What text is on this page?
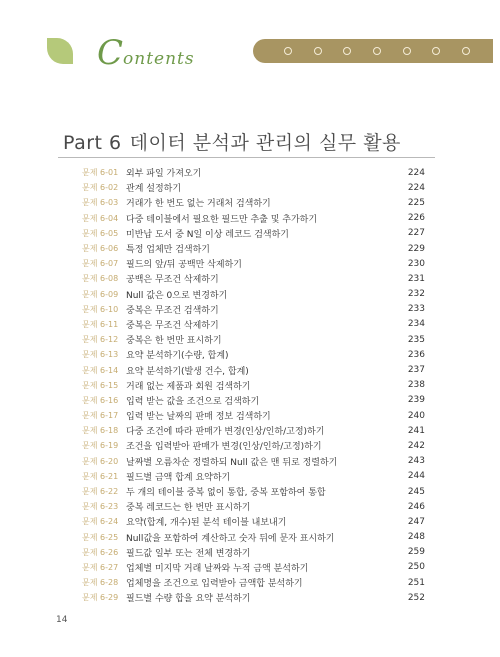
Contents
Part 6 데이터 분석과 관리의 실무 활용
문제 6-01 외부 파일 가져오기	224
문제 6-02 관계 설정하기	224
문제 6-03 거래가 한 번도 없는 거래처 검색하기	225
문제 6-04 다중 테이블에서 필요한 필드만 추출 및 추가하기	226
문제 6-05 미반납 도서 중 N일 이상 레코드 검색하기	227
문제 6-06 특정 업체만 검색하기	229
문제 6-07 필드의 앞/뒤 공백만 삭제하기	230
문제 6-08 공백은 무조건 삭제하기	231
문제 6-09 Null 값은 0으로 변경하기	232
문제 6-10 중복은 무조건 검색하기	233
문제 6-11 중복은 무조건 삭제하기	234
문제 6-12 중복은 한 번만 표시하기	235
문제 6-13 요약 분석하기(수량, 합계)	236
문제 6-14 요약 분석하기(발생 건수, 합계)	237
문제 6-15 거래 없는 제품과 회원 검색하기	238
문제 6-16 입력 받는 값을 조건으로 검색하기	239
문제 6-17 입력 받는 날짜의 판매 정보 검색하기	240
문제 6-18 다중 조건에 따라 판매가 변경(인상/인하/고정)하기	241
문제 6-19 조건을 입력받아 판매가 변경(인상/인하/고정)하기	242
문제 6-20 날짜별 오름차순 정렬하되 Null 값은 맨 뒤로 정렬하기	243
문제 6-21 필드별 금액 합계 요약하기	244
문제 6-22 두 개의 테이블 중복 없이 통합, 중복 포함하여 통합	245
문제 6-23 중복 레코드는 한 번만 표시하기	246
문제 6-24 요약(합계, 개수)된 분석 테이블 내보내기	247
문제 6-25 Null값을 포함하여 계산하고 숫자 뒤에 문자 표시하기	248
문제 6-26 필드값 일부 또는 전체 변경하기	259
문제 6-27 업체별 미지막 거래 날짜와 누적 금액 분석하기	250
문제 6-28 업체명을 조건으로 입력받아 금액합 분석하기	251
문제 6-29 필드별 수량 합을 요약 분석하기	252
14
